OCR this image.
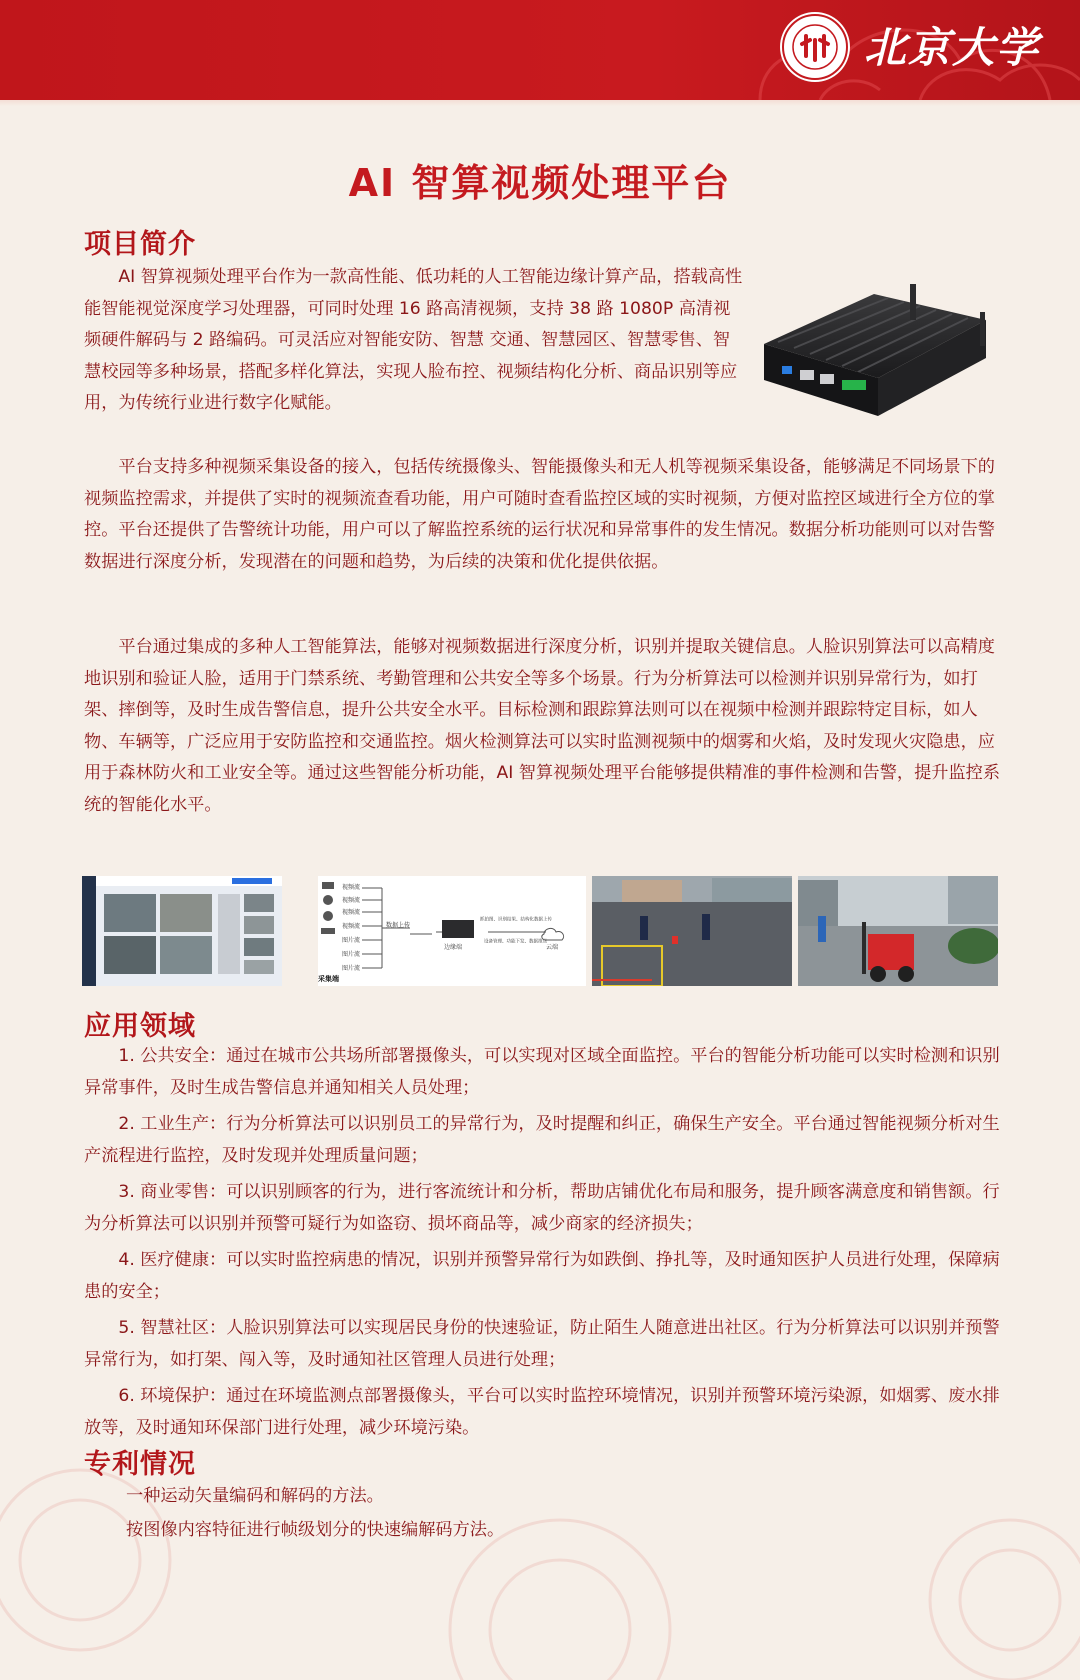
北京大学
AI 智算视频处理平台
项目简介

AI 智算视频处理平台作为一款高性能、低功耗的人工智能边缘计算产品，搭载高性能智能视觉深度学习处理器，可同时处理 16 路高清视频，支持 38 路 1080P 高清视频硬件解码与 2 路编码。可灵活应对智能安防、智慧 交通、智慧园区、智慧零售、智慧校园等多种场景，搭配多样化算法，实现人脸布控、视频结构化分析、商品识别等应用，为传统行业进行数字化赋能。

平台支持多种视频采集设备的接入，包括传统摄像头、智能摄像头和无人机等视频采集设备，能够满足不同场景下的视频监控需求，并提供了实时的视频流查看功能，用户可随时查看监控区域的实时视频，方便对监控区域进行全方位的掌控。平台还提供了告警统计功能，用户可以了解监控系统的运行状况和异常事件的发生情况。数据分析功能则可以对告警数据进行深度分析，发现潜在的问题和趋势，为后续的决策和优化提供依据。

平台通过集成的多种人工智能算法，能够对视频数据进行深度分析，识别并提取关键信息。人脸识别算法可以高精度地识别和验证人脸，适用于门禁系统、考勤管理和公共安全等多个场景。行为分析算法可以检测并识别异常行为，如打架、摔倒等，及时生成告警信息，提升公共安全水平。目标检测和跟踪算法则可以在视频中检测并跟踪特定目标，如人物、车辆等，广泛应用于安防监控和交通监控。烟火检测算法可以实时监测视频中的烟雾和火焰，及时发现火灾隐患，应用于森林防火和工业安全等。通过这些智能分析功能，AI 智算视频处理平台能够提供精准的事件检测和告警，提升监控系统的智能化水平。

视频流
视频流
视频流
视频流
图片流
图片流
图片流
采集端
数据上传
边缘端	云端
抓拍图、识别结果、结构化数据上传
设备管理、功能下发、数据推送
应用领域

1. 公共安全：通过在城市公共场所部署摄像头，可以实现对区域全面监控。平台的智能分析功能可以实时检测和识别异常事件，及时生成告警信息并通知相关人员处理；

2. 工业生产：行为分析算法可以识别员工的异常行为，及时提醒和纠正，确保生产安全。平台通过智能视频分析对生产流程进行监控，及时发现并处理质量问题；

3. 商业零售：可以识别顾客的行为，进行客流统计和分析，帮助店铺优化布局和服务，提升顾客满意度和销售额。行为分析算法可以识别并预警可疑行为如盗窃、损坏商品等，减少商家的经济损失；

4. 医疗健康：可以实时监控病患的情况，识别并预警异常行为如跌倒、挣扎等，及时通知医护人员进行处理，保障病患的安全；

5. 智慧社区：人脸识别算法可以实现居民身份的快速验证，防止陌生人随意进出社区。行为分析算法可以识别并预警异常行为，如打架、闯入等，及时通知社区管理人员进行处理；

6. 环境保护：通过在环境监测点部署摄像头，平台可以实时监控环境情况，识别并预警环境污染源，如烟雾、废水排放等，及时通知环保部门进行处理，减少环境污染。

专利情况
一种运动矢量编码和解码的方法。
按图像内容特征进行帧级划分的快速编解码方法。
